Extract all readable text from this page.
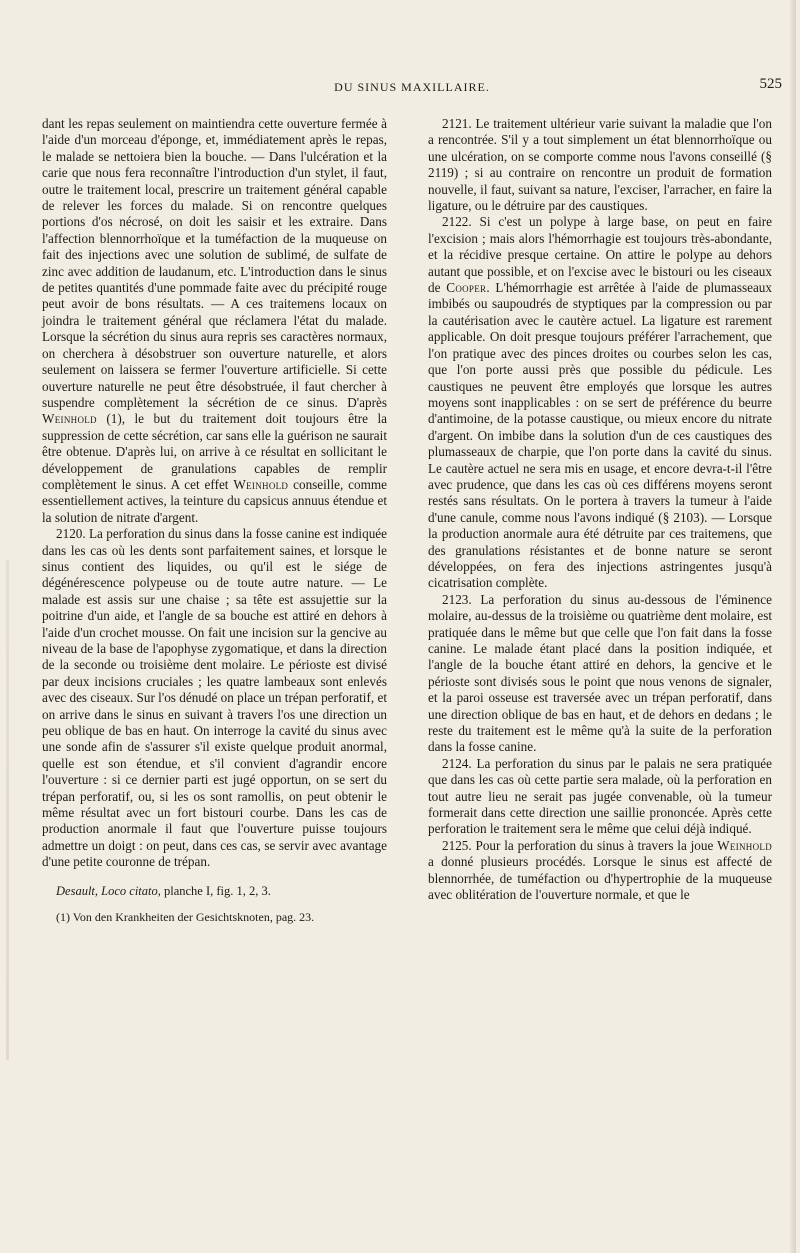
DU SINUS MAXILLAIRE.	525

dant les repas seulement on maintiendra cette ouverture fermée à l'aide d'un morceau d'éponge, et, immédiatement après le repas, le malade se nettoiera bien la bouche. — Dans l'ulcération et la carie que nous fera reconnaître l'introduction d'un stylet, il faut, outre le traitement local, prescrire un traitement général capable de relever les forces du malade. Si on rencontre quelques portions d'os nécrosé, on doit les saisir et les extraire. Dans l'affection blennorrhoïque et la tuméfaction de la muqueuse on fait des injections avec une solution de sublimé, de sulfate de zinc avec addition de laudanum, etc. L'introduction dans le sinus de petites quantités d'une pommade faite avec du précipité rouge peut avoir de bons résultats. — A ces traitemens locaux on joindra le traitement général que réclamera l'état du malade. Lorsque la sécrétion du sinus aura repris ses caractères normaux, on cherchera à désobstruer son ouverture naturelle, et alors seulement on laissera se fermer l'ouverture artificielle. Si cette ouverture naturelle ne peut être désobstruée, il faut chercher à suspendre complètement la sécrétion de ce sinus. D'après Weinhold (1), le but du traitement doit toujours être la suppression de cette sécrétion, car sans elle la guérison ne saurait être obtenue. D'après lui, on arrive à ce résultat en sollicitant le développement de granulations capables de remplir complètement le sinus. A cet effet Weinhold conseille, comme essentiellement actives, la teinture du capsicus annuus étendue et la solution de nitrate d'argent.

2120. La perforation du sinus dans la fosse canine est indiquée dans les cas où les dents sont parfaitement saines, et lorsque le sinus contient des liquides, ou qu'il est le siége de dégénérescence polypeuse ou de toute autre nature. — Le malade est assis sur une chaise ; sa tête est assujettie sur la poitrine d'un aide, et l'angle de sa bouche est attiré en dehors à l'aide d'un crochet mousse. On fait une incision sur la gencive au niveau de la base de l'apophyse zygomatique, et dans la direction de la seconde ou troisième dent molaire. Le périoste est divisé par deux incisions cruciales ; les quatre lambeaux sont enlevés avec des ciseaux. Sur l'os dénudé on place un trépan perforatif, et on arrive dans le sinus en suivant à travers l'os une direction un peu oblique de bas en haut. On interroge la cavité du sinus avec une sonde afin de s'assurer s'il existe quelque produit anormal, quelle est son étendue, et s'il convient d'agrandir encore l'ouverture : si ce dernier parti est jugé opportun, on se sert du trépan perforatif, ou, si les os sont ramollis, on peut obtenir le même résultat avec un fort bistouri courbe. Dans les cas de production anormale il faut que l'ouverture puisse toujours admettre un doigt : on peut, dans ces cas, se servir avec avantage d'une petite couronne de trépan.

Desault, Loco citato, planche I, fig. 1, 2, 3.

(1) Von den Krankheiten der Gesichtsknoten, pag. 23.

2121. Le traitement ultérieur varie suivant la maladie que l'on a rencontrée. S'il y a tout simplement un état blennorrhoïque ou une ulcération, on se comporte comme nous l'avons conseillé (§ 2119) ; si au contraire on rencontre un produit de formation nouvelle, il faut, suivant sa nature, l'exciser, l'arracher, en faire la ligature, ou le détruire par des caustiques.

2122. Si c'est un polype à large base, on peut en faire l'excision ; mais alors l'hémorrhagie est toujours très-abondante, et la récidive presque certaine. On attire le polype au dehors autant que possible, et on l'excise avec le bistouri ou les ciseaux de Cooper. L'hémorrhagie est arrêtée à l'aide de plumasseaux imbibés ou saupoudrés de styptiques par la compression ou par la cautérisation avec le cautère actuel. La ligature est rarement applicable. On doit presque toujours préférer l'arrachement, que l'on pratique avec des pinces droites ou courbes selon les cas, que l'on porte aussi près que possible du pédicule. Les caustiques ne peuvent être employés que lorsque les autres moyens sont inapplicables : on se sert de préférence du beurre d'antimoine, de la potasse caustique, ou mieux encore du nitrate d'argent. On imbibe dans la solution d'un de ces caustiques des plumasseaux de charpie, que l'on porte dans la cavité du sinus. Le cautère actuel ne sera mis en usage, et encore devra-t-il l'être avec prudence, que dans les cas où ces différens moyens seront restés sans résultats. On le portera à travers la tumeur à l'aide d'une canule, comme nous l'avons indiqué (§ 2103). — Lorsque la production anormale aura été détruite par ces traitemens, que des granulations résistantes et de bonne nature se seront développées, on fera des injections astringentes jusqu'à cicatrisation complète.

2123. La perforation du sinus au-dessous de l'éminence molaire, au-dessus de la troisième ou quatrième dent molaire, est pratiquée dans le même but que celle que l'on fait dans la fosse canine. Le malade étant placé dans la position indiquée, et l'angle de la bouche étant attiré en dehors, la gencive et le périoste sont divisés sous le point que nous venons de signaler, et la paroi osseuse est traversée avec un trépan perforatif, dans une direction oblique de bas en haut, et de dehors en dedans ; le reste du traitement est le même qu'à la suite de la perforation dans la fosse canine.

2124. La perforation du sinus par le palais ne sera pratiquée que dans les cas où cette partie sera malade, où la perforation en tout autre lieu ne serait pas jugée convenable, où la tumeur formerait dans cette direction une saillie prononcée. Après cette perforation le traitement sera le même que celui déjà indiqué.

2125. Pour la perforation du sinus à travers la joue Weinhold a donné plusieurs procédés. Lorsque le sinus est affecté de blennorrhée, de tuméfaction ou d'hypertrophie de la muqueuse avec oblitération de l'ouverture normale, et que le
